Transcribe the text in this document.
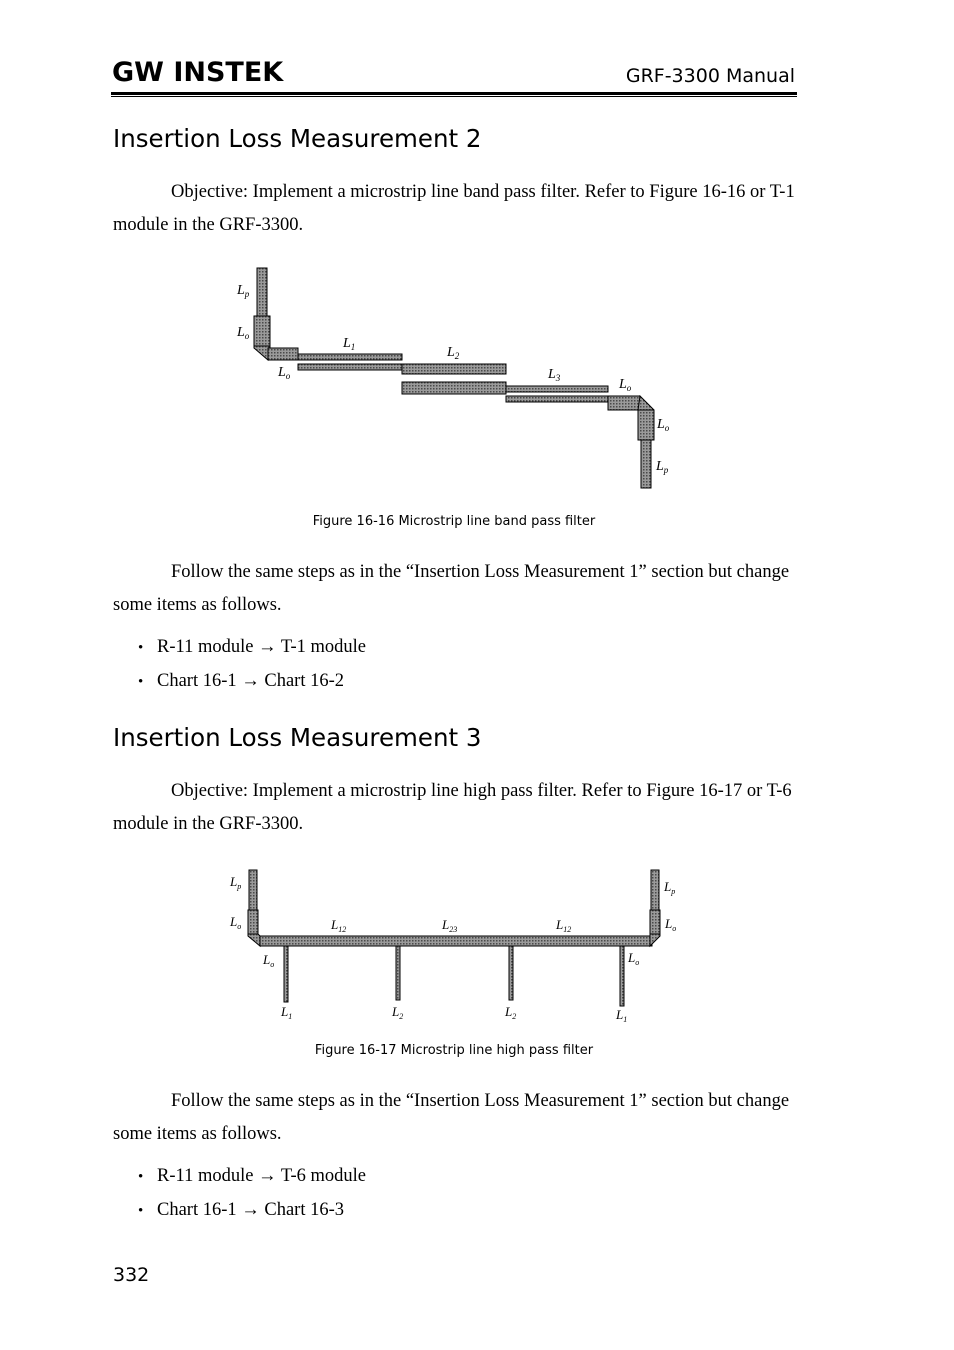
GW INSTEK	GRF-3300 Manual
Insertion Loss Measurement 2

Objective: Implement a microstrip line band pass filter. Refer to Figure 16-16 or T-1 module in the GRF-3300.

$L_p$
$L_o$
$L_o$
$L_1$	$L_2$
$L_3$	$L_o$
$L_o$
$L_p$
Figure 16-16 Microstrip line band pass filter

Follow the same steps as in the “Insertion Loss Measurement 1” section but change some items as follows.

• R-11 module → T-1 module
• Chart 16-1 → Chart 16-2
Insertion Loss Measurement 3

Objective: Implement a microstrip line high pass filter. Refer to Figure 16-17 or T-6 module in the GRF-3300.

$L_p$
$L_o$
$L_o$
$L_{12}$	$L_{23}$	$L_{12}$
$L_p$
$L_o$
$L_o$
$L_1$	$L_2$	$L_2$	$L_1$
Figure 16-17 Microstrip line high pass filter

Follow the same steps as in the “Insertion Loss Measurement 1” section but change some items as follows.

• R-11 module → T-6 module
• Chart 16-1 → Chart 16-3
332
